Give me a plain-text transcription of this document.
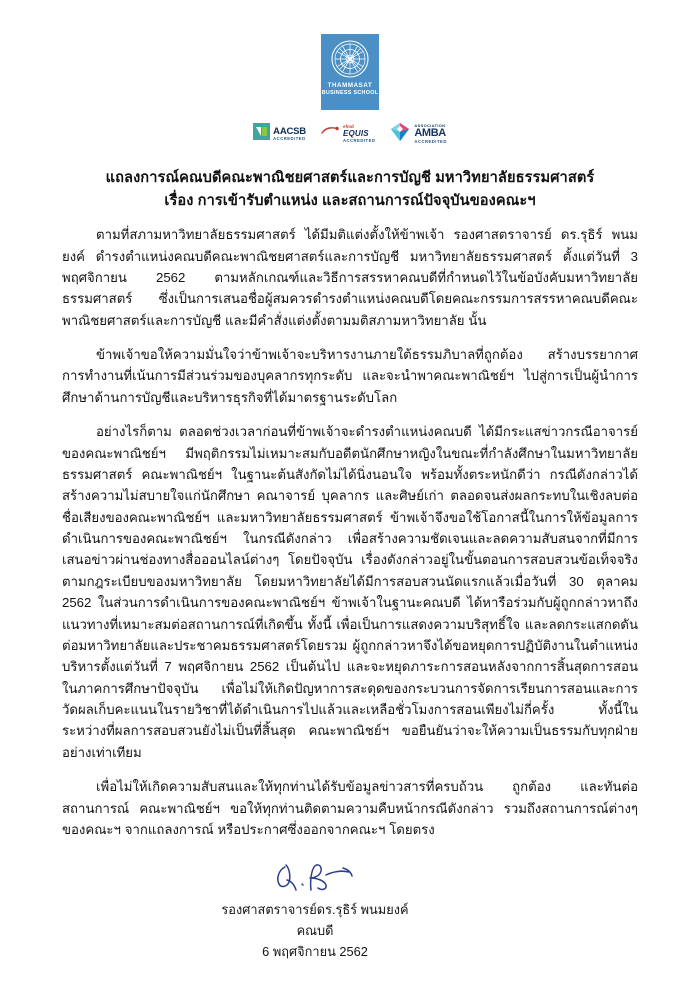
THAMMASAT
BUSINESS SCHOOL
AACSB
ACCREDITED
efmd
EQUIS
ACCREDITED
ASSOCIATION
AMBA
ACCREDITED
แถลงการณ์คณบดีคณะพาณิชยศาสตร์และการบัญชี มหาวิทยาลัยธรรมศาสตร์
เรื่อง การเข้ารับตำแหน่ง และสถานการณ์ปัจจุบันของคณะฯ

ตามที่สภามหาวิทยาลัยธรรมศาสตร์ ได้มีมติแต่งตั้งให้ข้าพเจ้า รองศาสตราจารย์ ดร.รุธิร์ พนมยงค์ ดำรงตำแหน่งคณบดีคณะพาณิชยศาสตร์และการบัญชี มหาวิทยาลัยธรรมศาสตร์ ตั้งแต่วันที่ 3 พฤศจิกายน 2562 ตามหลักเกณฑ์และวิธีการสรรหาคณบดีที่กำหนดไว้ในข้อบังคับมหาวิทยาลัยธรรมศาสตร์ ซึ่งเป็นการเสนอชื่อผู้สมควรดำรงตำแหน่งคณบดีโดยคณะกรรมการสรรหาคณบดีคณะพาณิชยศาสตร์และการบัญชี และมีคำสั่งแต่งตั้งตามมติสภามหาวิทยาลัย นั้น

ข้าพเจ้าขอให้ความมั่นใจว่าข้าพเจ้าจะบริหารงานภายใต้ธรรมภิบาลที่ถูกต้อง สร้างบรรยากาศการทำงานที่เน้นการมีส่วนร่วมของบุคลากรทุกระดับ และจะนำพาคณะพาณิชย์ฯ ไปสู่การเป็นผู้นำการศึกษาด้านการบัญชีและบริหารธุรกิจที่ได้มาตรฐานระดับโลก

อย่างไรก็ตาม ตลอดช่วงเวลาก่อนที่ข้าพเจ้าจะดำรงตำแหน่งคณบดี ได้มีกระแสข่าวกรณีอาจารย์ของคณะพาณิชย์ฯ มีพฤติกรรมไม่เหมาะสมกับอดีตนักศึกษาหญิงในขณะที่กำลังศึกษาในมหาวิทยาลัยธรรมศาสตร์ คณะพาณิชย์ฯ ในฐานะต้นสังกัดไม่ได้นิ่งนอนใจ พร้อมทั้งตระหนักดีว่า กรณีดังกล่าวได้สร้างความไม่สบายใจแก่นักศึกษา คณาจารย์ บุคลากร และศิษย์เก่า ตลอดจนส่งผลกระทบในเชิงลบต่อชื่อเสียงของคณะพาณิชย์ฯ และมหาวิทยาลัยธรรมศาสตร์ ข้าพเจ้าจึงขอใช้โอกาสนี้ในการให้ข้อมูลการดำเนินการของคณะพาณิชย์ฯ ในกรณีดังกล่าว เพื่อสร้างความชัดเจนและลดความสับสนจากที่มีการเสนอข่าวผ่านช่องทางสื่อออนไลน์ต่างๆ โดยปัจจุบัน เรื่องดังกล่าวอยู่ในขั้นตอนการสอบสวนข้อเท็จจริงตามกฎระเบียบของมหาวิทยาลัย โดยมหาวิทยาลัยได้มีการสอบสวนนัดแรกแล้วเมื่อวันที่ 30 ตุลาคม 2562 ในส่วนการดำเนินการของคณะพาณิชย์ฯ ข้าพเจ้าในฐานะคณบดี ได้หารือร่วมกับผู้ถูกกล่าวหาถึงแนวทางที่เหมาะสมต่อสถานการณ์ที่เกิดขึ้น ทั้งนี้ เพื่อเป็นการแสดงความบริสุทธิ์ใจ และลดกระแสกดดันต่อมหาวิทยาลัยและประชาคมธรรมศาสตร์โดยรวม ผู้ถูกกล่าวหาจึงได้ขอหยุดการปฏิบัติงานในตำแหน่งบริหารตั้งแต่วันที่ 7 พฤศจิกายน 2562 เป็นต้นไป และจะหยุดภาระการสอนหลังจากการสิ้นสุดการสอนในภาคการศึกษาปัจจุบัน เพื่อไม่ให้เกิดปัญหาการสะดุดของกระบวนการจัดการเรียนการสอนและการวัดผลเก็บคะแนนในรายวิชาที่ได้ดำเนินการไปแล้วและเหลือชั่วโมงการสอนเพียงไม่กี่ครั้ง ทั้งนี้ในระหว่างที่ผลการสอบสวนยังไม่เป็นที่สิ้นสุด คณะพาณิชย์ฯ ขอยืนยันว่าจะให้ความเป็นธรรมกับทุกฝ่ายอย่างเท่าเทียม

เพื่อไม่ให้เกิดความสับสนและให้ทุกท่านได้รับข้อมูลข่าวสารที่ครบถ้วน ถูกต้อง และทันต่อสถานการณ์ คณะพาณิชย์ฯ ขอให้ทุกท่านติดตามความคืบหน้ากรณีดังกล่าว รวมถึงสถานการณ์ต่างๆ ของคณะฯ จากแถลงการณ์ หรือประกาศซึ่งออกจากคณะฯ โดยตรง

รองศาสตราจารย์ดร.รุธิร์ พนมยงค์
คณบดี
6 พฤศจิกายน 2562
